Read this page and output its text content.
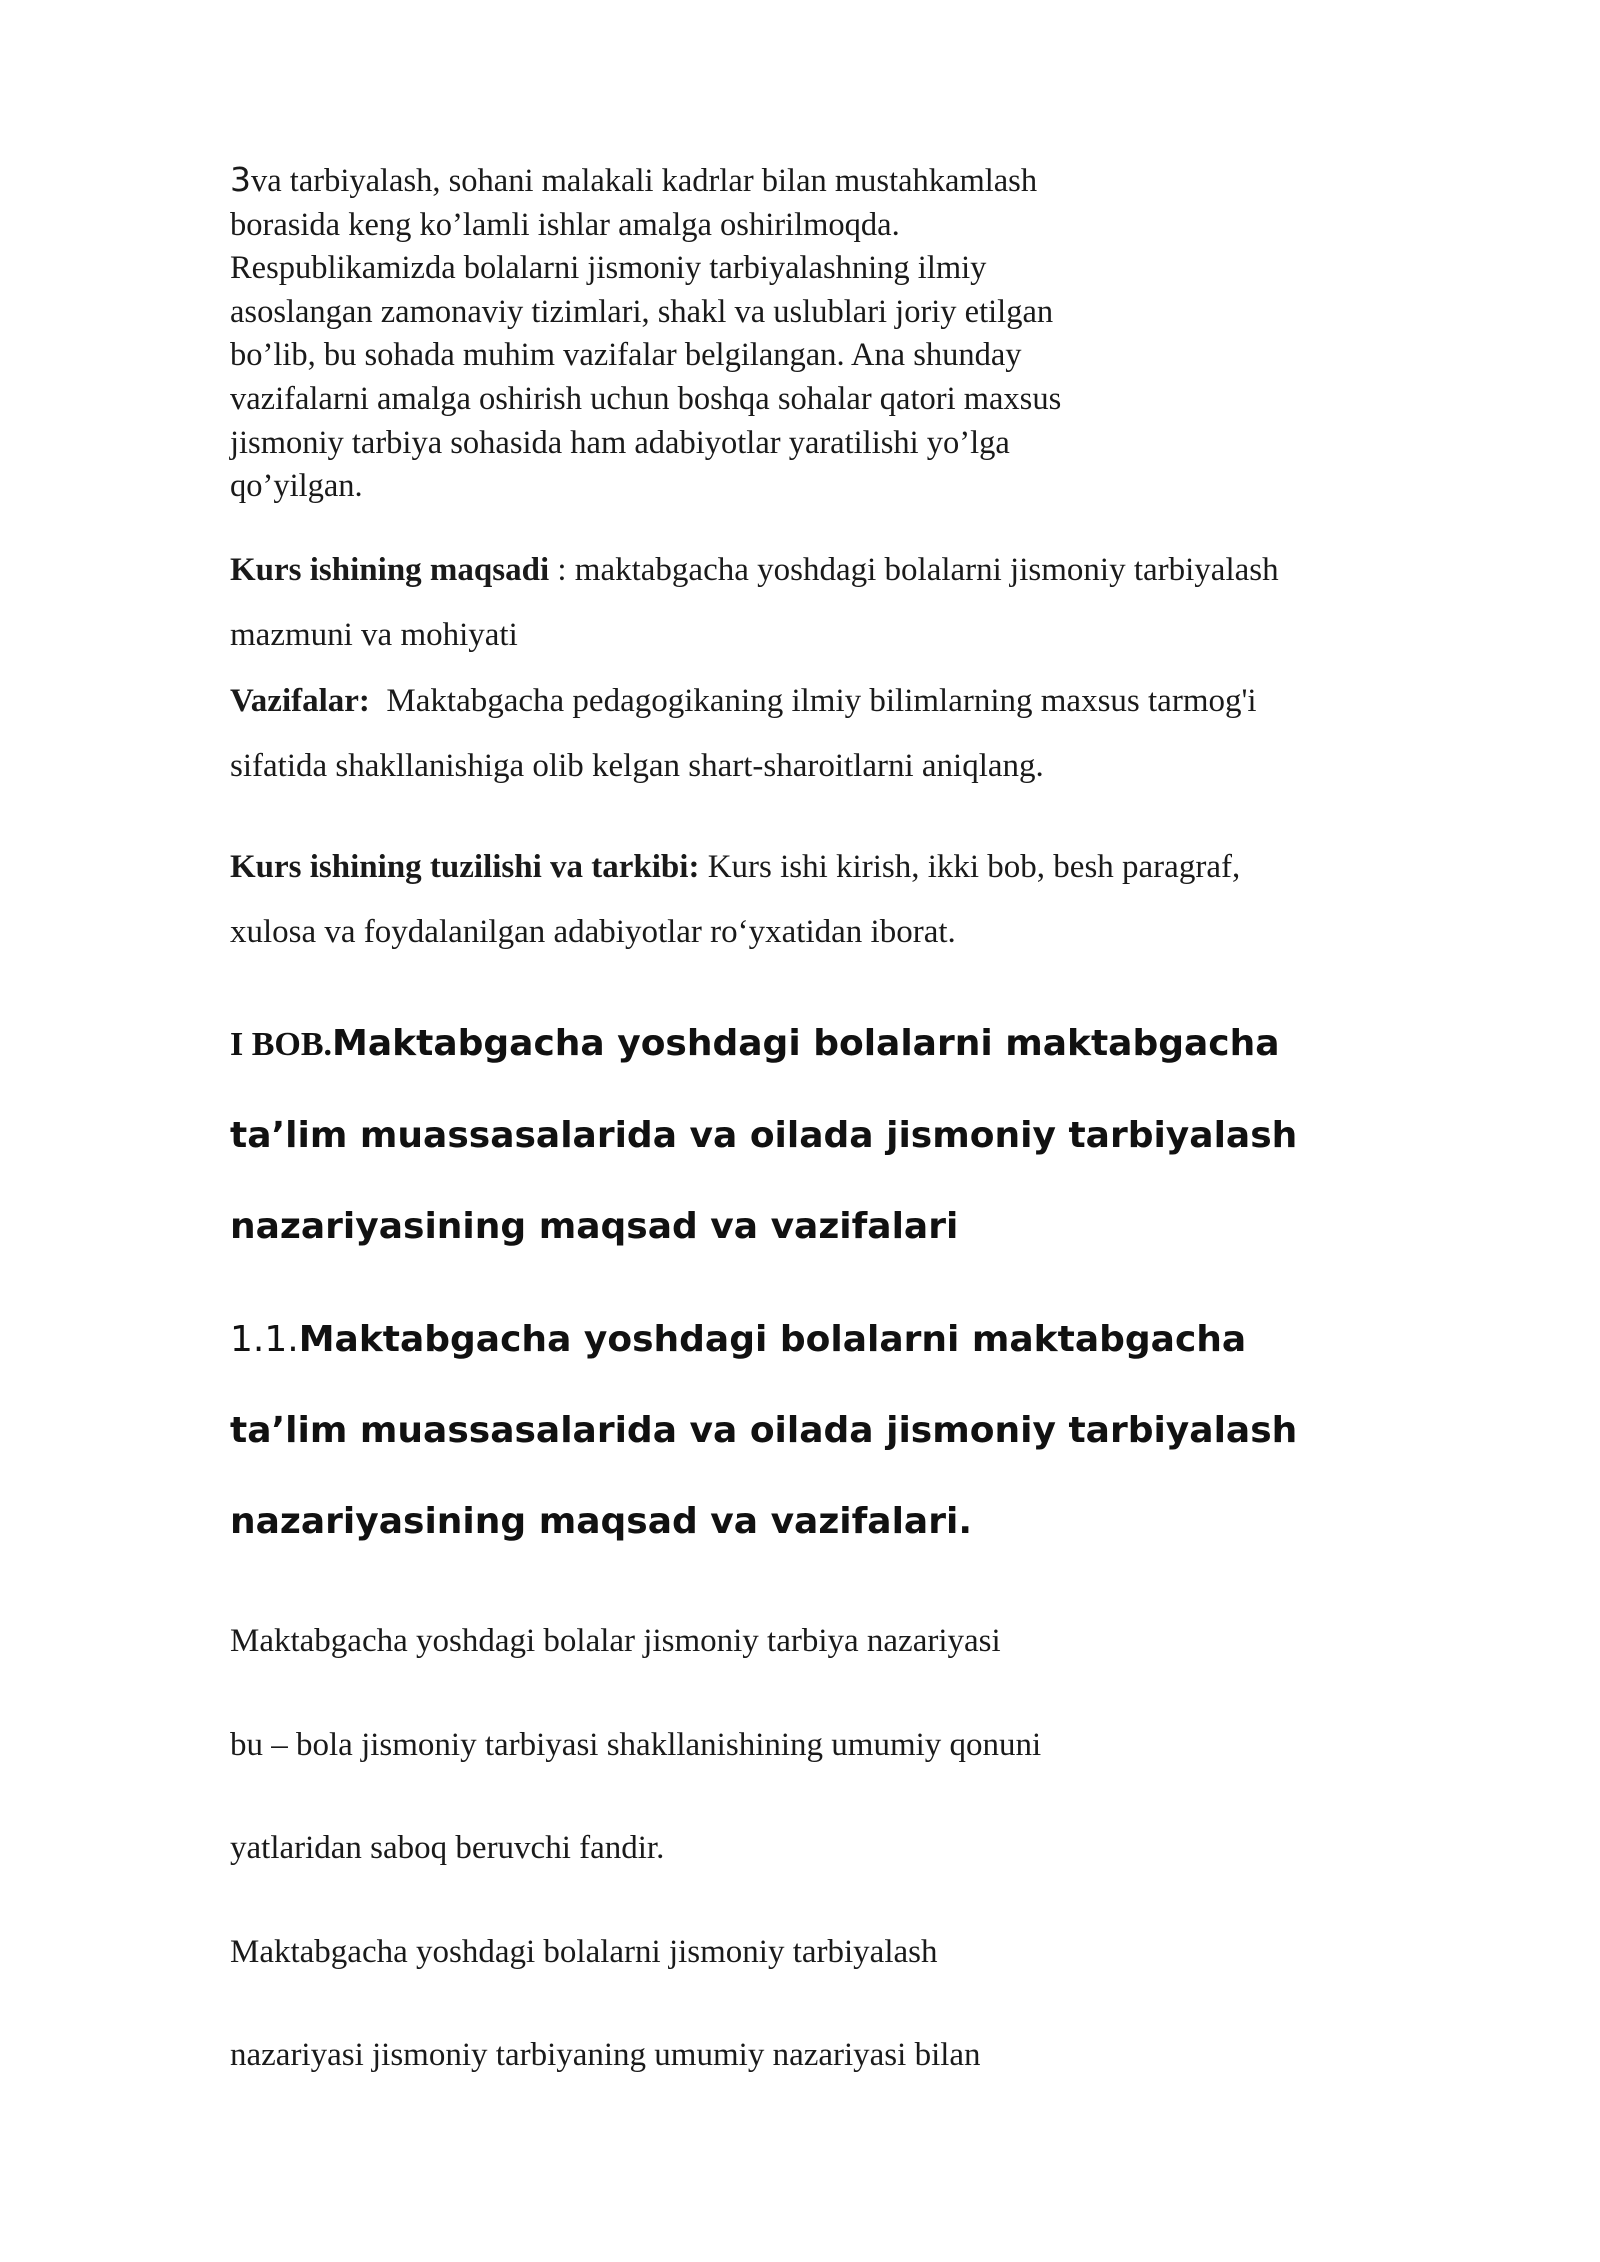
3va tarbiyalash, sohani malakali kadrlar bilan mustahkamlash
borasida keng ko’lamli ishlar amalga oshirilmoqda.
Respublikamizda bolalarni jismoniy tarbiyalashning ilmiy
asoslangan zamonaviy tizimlari, shakl va uslublari joriy etilgan
bo’lib, bu sohada muhim vazifalar belgilangan. Ana shunday
vazifalarni amalga oshirish uchun boshqa sohalar qatori maxsus
jismoniy tarbiya sohasida ham adabiyotlar yaratilishi yo’lga
qo’yilgan.
Kurs ishining maqsadi : maktabgacha yoshdagi bolalarni jismoniy tarbiyalash
mazmuni va mohiyati
Vazifalar:  Maktabgacha pedagogikaning ilmiy bilimlarning maxsus tarmog'i
sifatida shakllanishiga olib kelgan shart-sharoitlarni aniqlang.
Kurs ishining tuzilishi va tarkibi: Kurs ishi kirish, ikki bob, besh paragraf,
xulosa va foydalanilgan adabiyotlar ro‘yxatidan iborat.
I BOB.Maktabgacha yoshdagi bolalarni maktabgacha
ta’lim muassasalarida va oilada jismoniy tarbiyalash
nazariyasining maqsad va vazifalari
1.1.Maktabgacha yoshdagi bolalarni maktabgacha
ta’lim muassasalarida va oilada jismoniy tarbiyalash
nazariyasining maqsad va vazifalari.
Maktabgacha yoshdagi bolalar jismoniy tarbiya nazariyasi
bu – bola jismoniy tarbiyasi shakllanishining umumiy qonuni
yatlaridan saboq beruvchi fandir.
Maktabgacha yoshdagi bolalarni jismoniy tarbiyalash
nazariyasi jismoniy tarbiyaning umumiy nazariyasi bilan
